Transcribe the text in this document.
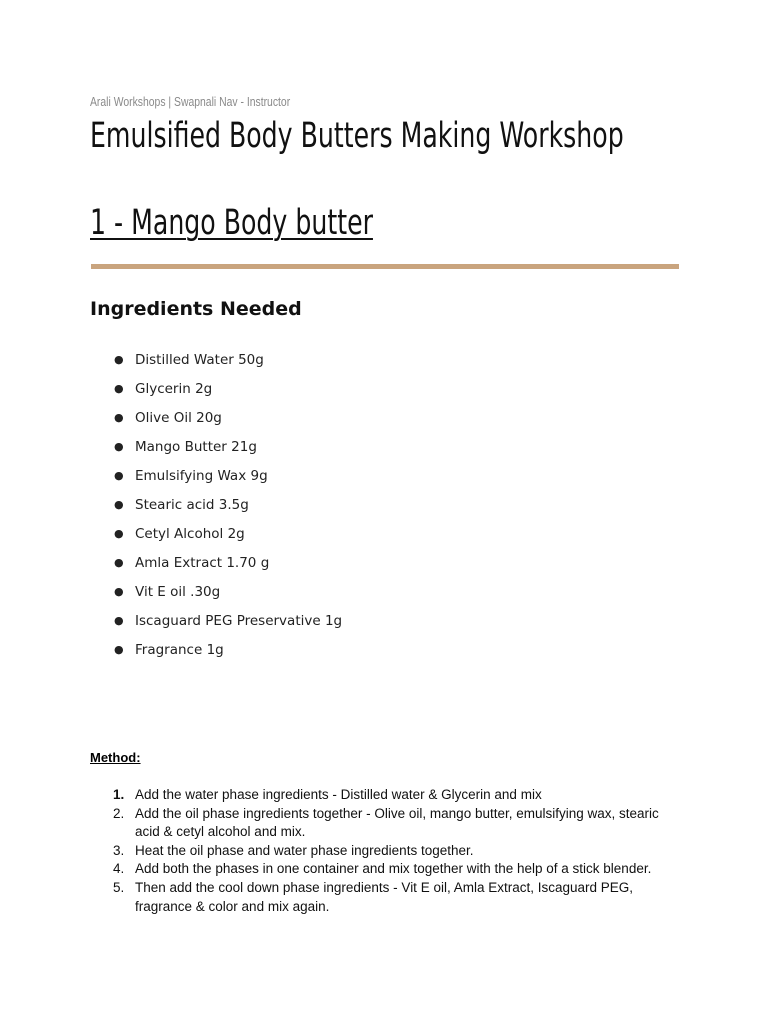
Arali Workshops | Swapnali Nav - Instructor
Emulsified Body Butters Making Workshop
1 - Mango Body butter
Ingredients Needed
● Distilled Water 50g
● Glycerin 2g
● Olive Oil 20g
● Mango Butter 21g
● Emulsifying Wax 9g
● Stearic acid 3.5g
● Cetyl Alcohol 2g
● Amla Extract 1.70 g
● Vit E oil .30g
● Iscaguard PEG Preservative 1g
● Fragrance 1g
Method:
1. Add the water phase ingredients - Distilled water & Glycerin and mix
2. Add the oil phase ingredients together - Olive oil, mango butter, emulsifying wax, stearic acid & cetyl alcohol and mix.
3. Heat the oil phase and water phase ingredients together.
4. Add both the phases in one container and mix together with the help of a stick blender.
5. Then add the cool down phase ingredients - Vit E oil, Amla Extract, Iscaguard PEG, fragrance & color and mix again.
